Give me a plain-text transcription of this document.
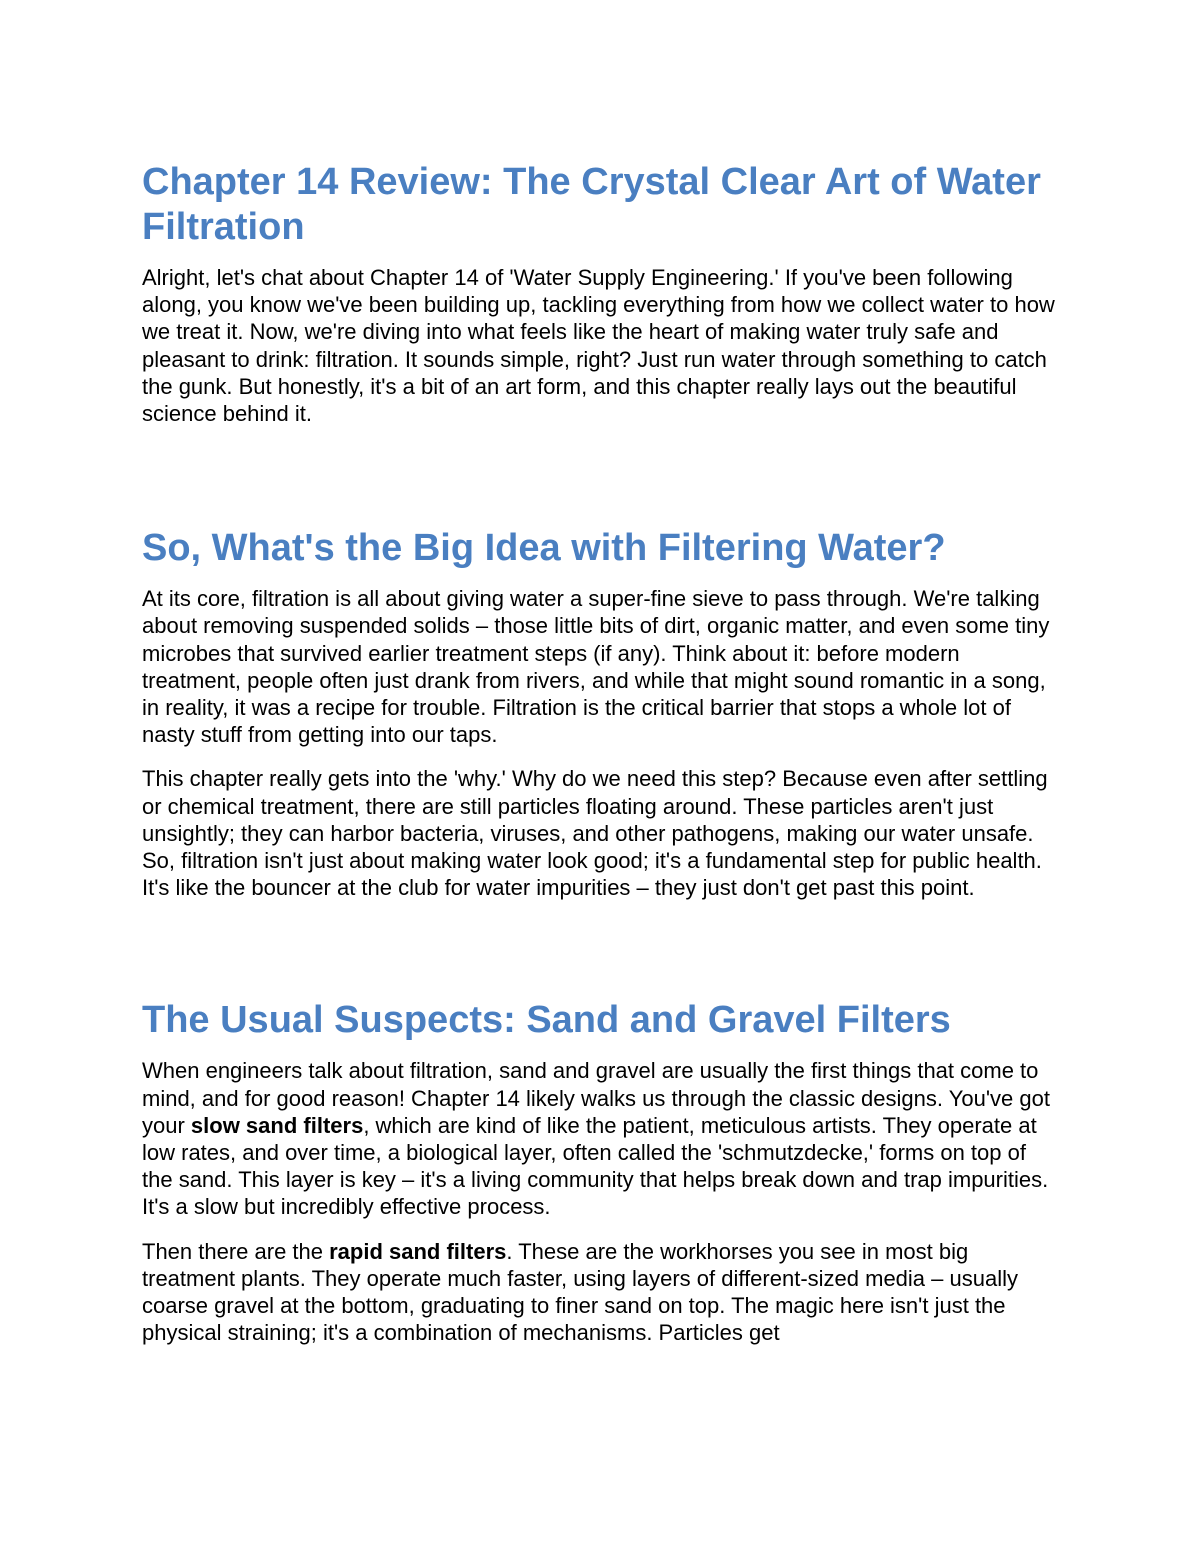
Chapter 14 Review: The Crystal Clear Art of Water Filtration

Alright, let's chat about Chapter 14 of 'Water Supply Engineering.' If you've been following along, you know we've been building up, tackling everything from how we collect water to how we treat it. Now, we're diving into what feels like the heart of making water truly safe and pleasant to drink: filtration. It sounds simple, right? Just run water through something to catch the gunk. But honestly, it's a bit of an art form, and this chapter really lays out the beautiful science behind it.

So, What's the Big Idea with Filtering Water?

At its core, filtration is all about giving water a super-fine sieve to pass through. We're talking about removing suspended solids – those little bits of dirt, organic matter, and even some tiny microbes that survived earlier treatment steps (if any). Think about it: before modern treatment, people often just drank from rivers, and while that might sound romantic in a song, in reality, it was a recipe for trouble. Filtration is the critical barrier that stops a whole lot of nasty stuff from getting into our taps.

This chapter really gets into the 'why.' Why do we need this step? Because even after settling or chemical treatment, there are still particles floating around. These particles aren't just unsightly; they can harbor bacteria, viruses, and other pathogens, making our water unsafe. So, filtration isn't just about making water look good; it's a fundamental step for public health. It's like the bouncer at the club for water impurities – they just don't get past this point.

The Usual Suspects: Sand and Gravel Filters

When engineers talk about filtration, sand and gravel are usually the first things that come to mind, and for good reason! Chapter 14 likely walks us through the classic designs. You've got your slow sand filters, which are kind of like the patient, meticulous artists. They operate at low rates, and over time, a biological layer, often called the 'schmutzdecke,' forms on top of the sand. This layer is key – it's a living community that helps break down and trap impurities. It's a slow but incredibly effective process.

Then there are the rapid sand filters. These are the workhorses you see in most big treatment plants. They operate much faster, using layers of different-sized media – usually coarse gravel at the bottom, graduating to finer sand on top. The magic here isn't just the physical straining; it's a combination of mechanisms. Particles get
